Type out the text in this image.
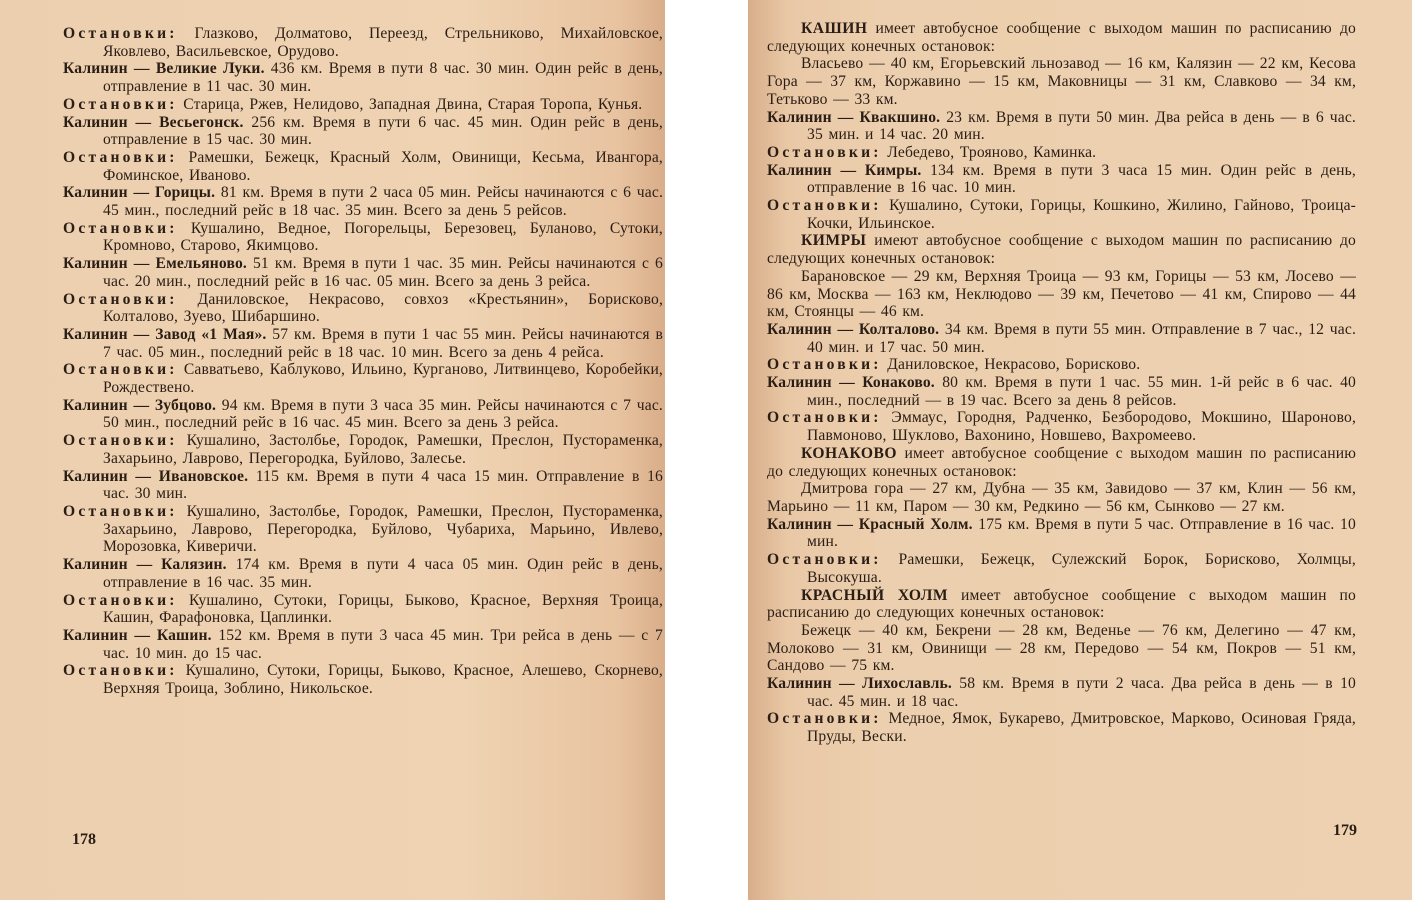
Остановки: Глазково, Долматово, Переезд, Стрельниково, Михайловское, Яковлево, Васильевское, Орудово.

Калинин — Великие Луки. 436 км. Время в пути 8 час. 30 мин. Один рейс в день, отправление в 11 час. 30 мин.

Остановки: Старица, Ржев, Нелидово, Западная Двина, Старая Торопа, Кунья.

Калинин — Весьегонск. 256 км. Время в пути 6 час. 45 мин. Один рейс в день, отправление в 15 час. 30 мин.

Остановки: Рамешки, Бежецк, Красный Холм, Овинищи, Кесьма, Ивангора, Фоминское, Иваново.

Калинин — Горицы. 81 км. Время в пути 2 часа 05 мин. Рейсы начинаются с 6 час. 45 мин., последний рейс в 18 час. 35 мин. Всего за день 5 рейсов.

Остановки: Кушалино, Ведное, Погорельцы, Березовец, Буланово, Сутоки, Кромново, Старово, Якимцово.

Калинин — Емельяново. 51 км. Время в пути 1 час. 35 мин. Рейсы начинаются с 6 час. 20 мин., последний рейс в 16 час. 05 мин. Всего за день 3 рейса.

Остановки: Даниловское, Некрасово, совхоз «Крестьянин», Борисково, Колталово, Зуево, Шибаршино.

Калинин — Завод «1 Мая». 57 км. Время в пути 1 час 55 мин. Рейсы начинаются в 7 час. 05 мин., последний рейс в 18 час. 10 мин. Всего за день 4 рейса.

Остановки: Савватьево, Каблуково, Ильино, Курганово, Литвинцево, Коробейки, Рождествено.

Калинин — Зубцово. 94 км. Время в пути 3 часа 35 мин. Рейсы начинаются с 7 час. 50 мин., последний рейс в 16 час. 45 мин. Всего за день 3 рейса.

Остановки: Кушалино, Застолбье, Городок, Рамешки, Преслон, Пустораменка, Захарьино, Лаврово, Перегородка, Буйлово, Залесье.

Калинин — Ивановское. 115 км. Время в пути 4 часа 15 мин. Отправление в 16 час. 30 мин.

Остановки: Кушалино, Застолбье, Городок, Рамешки, Преслон, Пустораменка, Захарьино, Лаврово, Перегородка, Буйлово, Чубариха, Марьино, Ивлево, Морозовка, Киверичи.

Калинин — Калязин. 174 км. Время в пути 4 часа 05 мин. Один рейс в день, отправление в 16 час. 35 мин.

Остановки: Кушалино, Сутоки, Горицы, Быково, Красное, Верхняя Троица, Кашин, Фарафоновка, Цаплинки.

Калинин — Кашин. 152 км. Время в пути 3 часа 45 мин. Три рейса в день — с 7 час. 10 мин. до 15 час.

Остановки: Кушалино, Сутоки, Горицы, Быково, Красное, Алешево, Скорнево, Верхняя Троица, Зоблино, Никольское.

178

КАШИН имеет автобусное сообщение с выходом машин по расписанию до следующих конечных остановок:

Власьево — 40 км, Егорьевский льнозавод — 16 км, Калязин — 22 км, Кесова Гора — 37 км, Коржавино — 15 км, Маковницы — 31 км, Славково — 34 км, Тетьково — 33 км.

Калинин — Квакшино. 23 км. Время в пути 50 мин. Два рейса в день — в 6 час. 35 мин. и 14 час. 20 мин.

Остановки: Лебедево, Трояново, Каминка.

Калинин — Кимры. 134 км. Время в пути 3 часа 15 мин. Один рейс в день, отправление в 16 час. 10 мин.

Остановки: Кушалино, Сутоки, Горицы, Кошкино, Жилино, Гайново, Троица-Кочки, Ильинское.

КИМРЫ имеют автобусное сообщение с выходом машин по расписанию до следующих конечных остановок:

Барановское — 29 км, Верхняя Троица — 93 км, Горицы — 53 км, Лосево — 86 км, Москва — 163 км, Неклюдово — 39 км, Печетово — 41 км, Спирово — 44 км, Стоянцы — 46 км.

Калинин — Колталово. 34 км. Время в пути 55 мин. Отправление в 7 час., 12 час. 40 мин. и 17 час. 50 мин.

Остановки: Даниловское, Некрасово, Борисково.

Калинин — Конаково. 80 км. Время в пути 1 час. 55 мин. 1-й рейс в 6 час. 40 мин., последний — в 19 час. Всего за день 8 рейсов.

Остановки: Эммаус, Городня, Радченко, Безбородово, Мокшино, Шароново, Павмоново, Шуклово, Вахонино, Новшево, Вахромеево.

КОНАКОВО имеет автобусное сообщение с выходом машин по расписанию до следующих конечных остановок:

Дмитрова гора — 27 км, Дубна — 35 км, Завидово — 37 км, Клин — 56 км, Марьино — 11 км, Паром — 30 км, Редкино — 56 км, Сынково — 27 км.

Калинин — Красный Холм. 175 км. Время в пути 5 час. Отправление в 16 час. 10 мин.

Остановки: Рамешки, Бежецк, Сулежский Борок, Борисково, Холмцы, Высокуша.

КРАСНЫЙ ХОЛМ имеет автобусное сообщение с выходом машин по расписанию до следующих конечных остановок:

Бежецк — 40 км, Бекрени — 28 км, Веденье — 76 км, Делегино — 47 км, Молоково — 31 км, Овинищи — 28 км, Передово — 54 км, Покров — 51 км, Сандово — 75 км.

Калинин — Лихославль. 58 км. Время в пути 2 часа. Два рейса в день — в 10 час. 45 мин. и 18 час.

Остановки: Медное, Ямок, Букарево, Дмитровское, Марково, Осиновая Гряда, Пруды, Вески.

179
